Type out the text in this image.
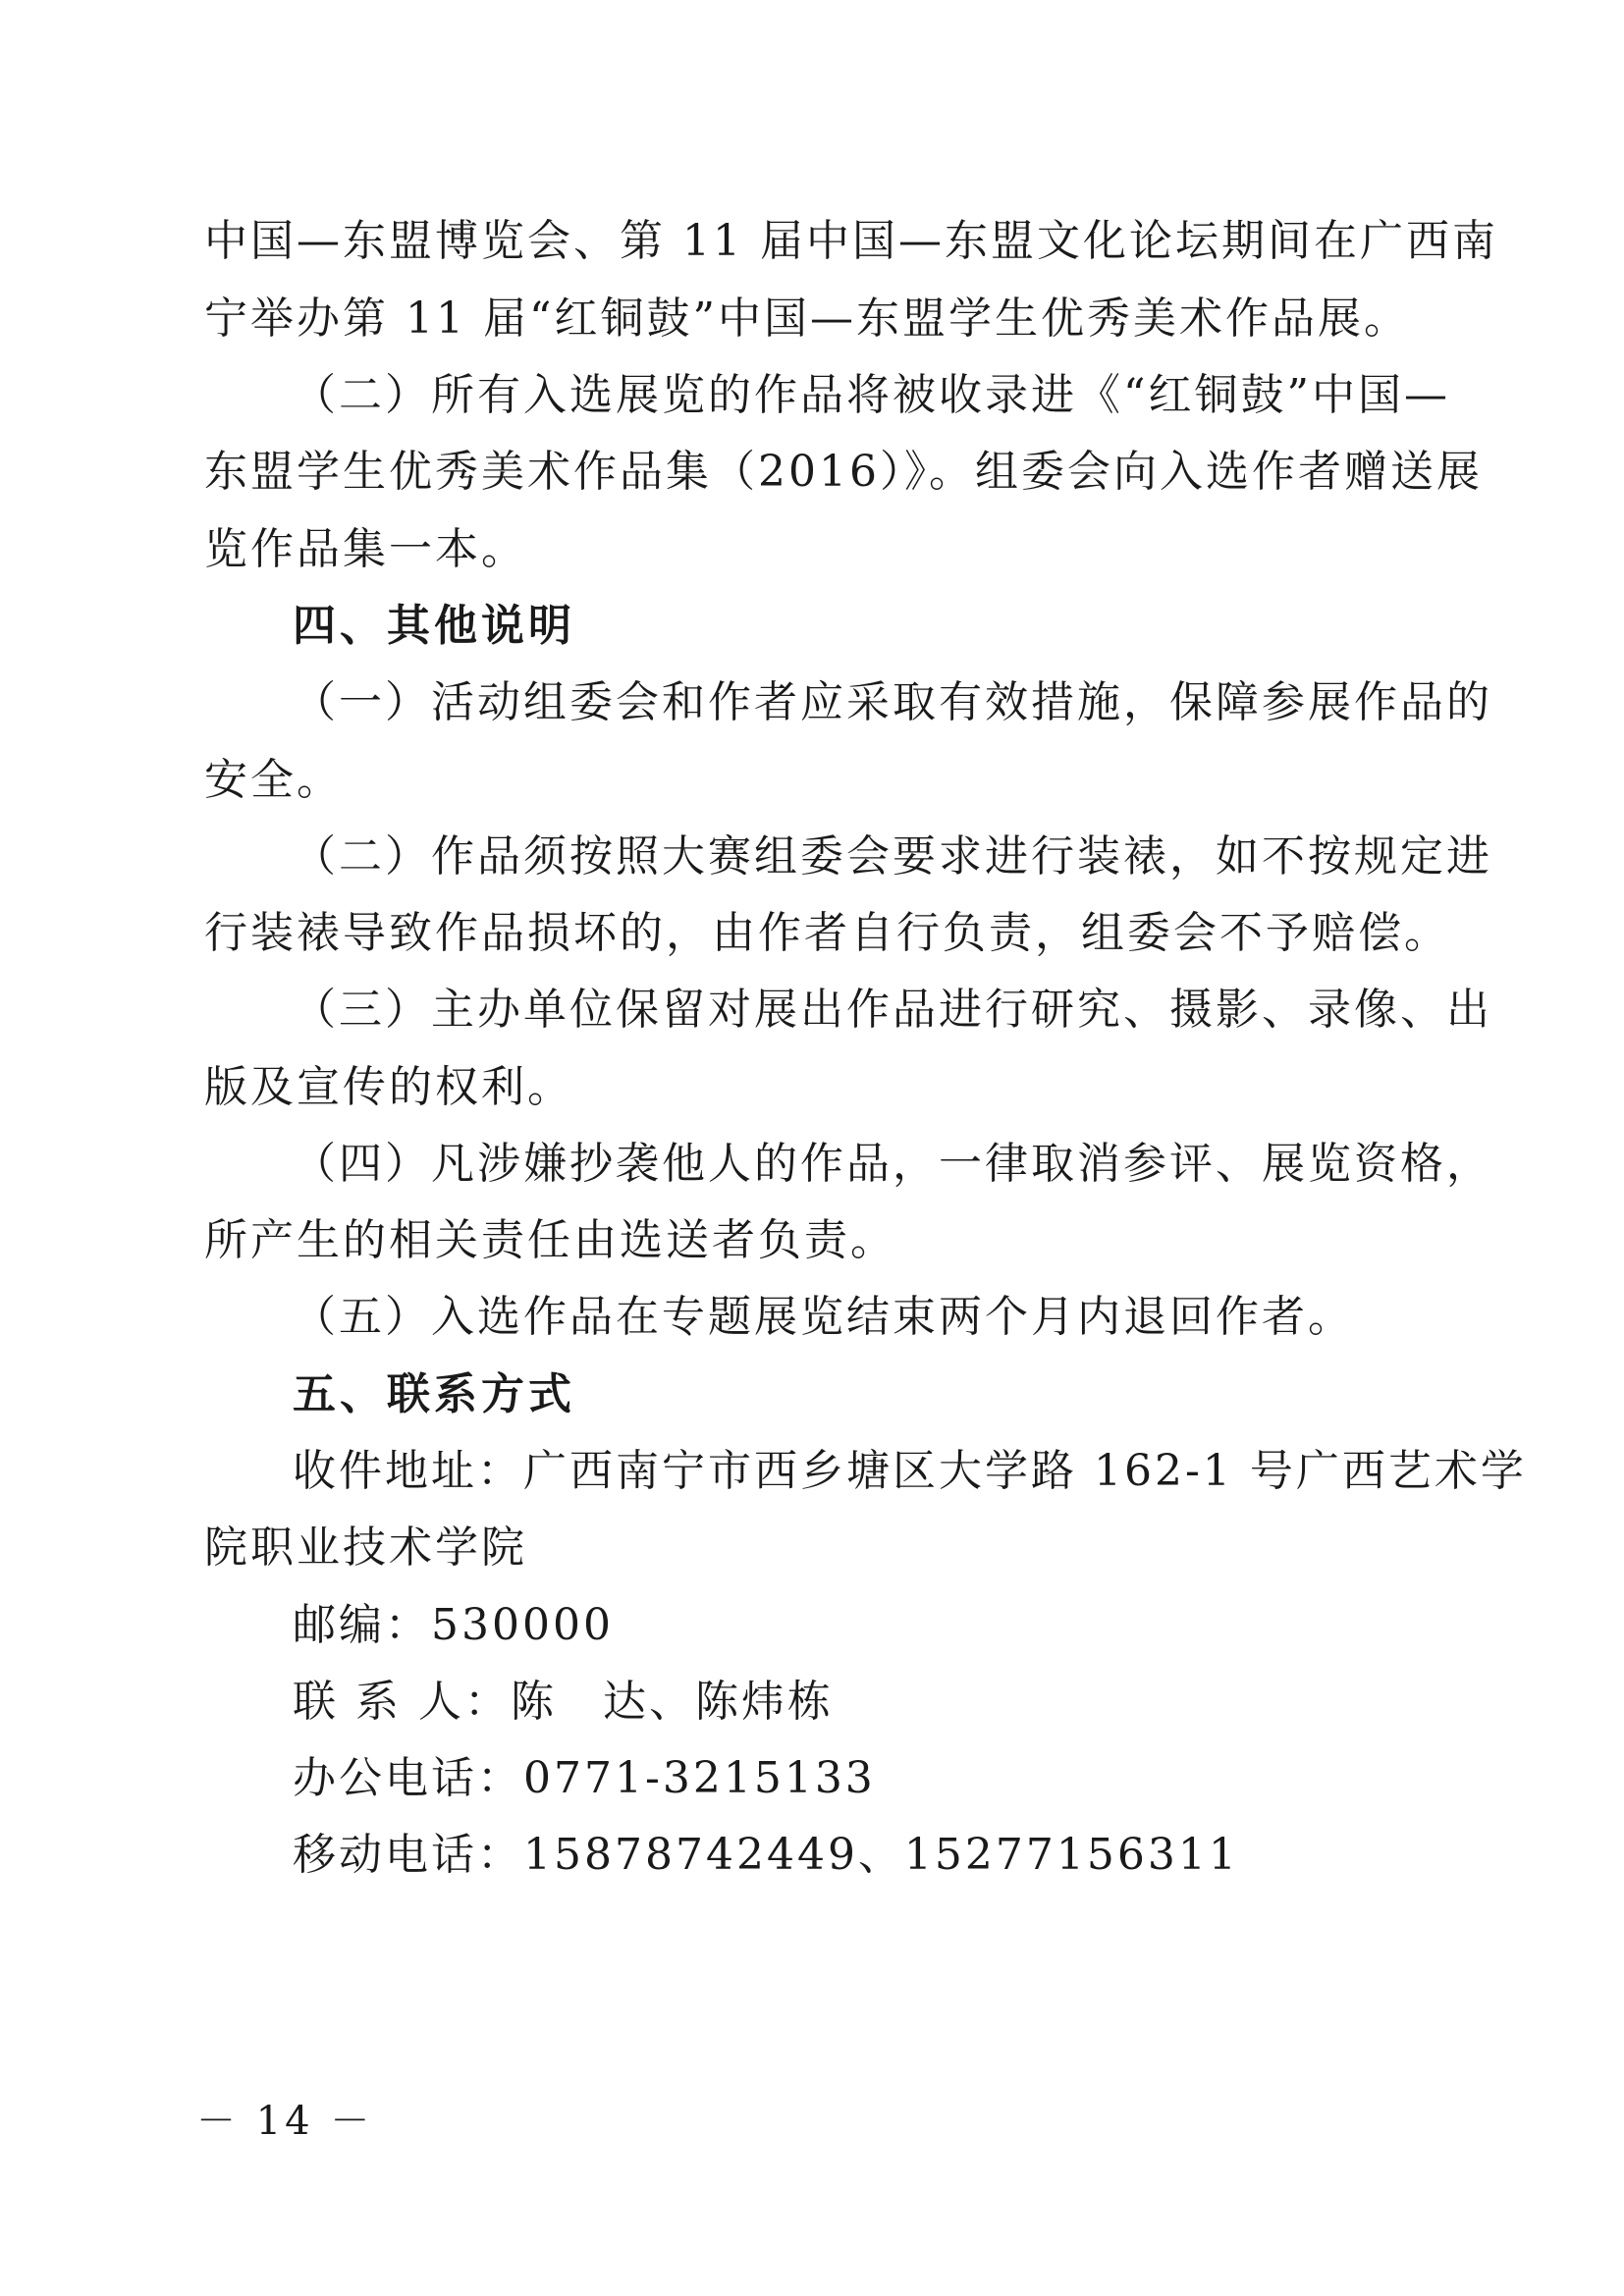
中国—东盟博览会、第 11 届中国—东盟文化论坛期间在广西南
宁举办第 11 届“红铜鼓”中国—东盟学生优秀美术作品展。
（二）所有入选展览的作品将被收录进《“红铜鼓”中国—
东盟学生优秀美术作品集（2016）》。组委会向入选作者赠送展
览作品集一本。
四、其他说明
（一）活动组委会和作者应采取有效措施，保障参展作品的
安全。
（二）作品须按照大赛组委会要求进行装裱，如不按规定进
行装裱导致作品损坏的，由作者自行负责，组委会不予赔偿。
（三）主办单位保留对展出作品进行研究、摄影、录像、出
版及宣传的权利。
（四）凡涉嫌抄袭他人的作品，一律取消参评、展览资格，
所产生的相关责任由选送者负责。
（五）入选作品在专题展览结束两个月内退回作者。
五、联系方式
收件地址：广西南宁市西乡塘区大学路 162-1 号广西艺术学
院职业技术学院
邮编：530000
联 系 人：陈　达、陈炜栋
办公电话：0771-3215133
移动电话：15878742449、15277156311
－ 14 －
